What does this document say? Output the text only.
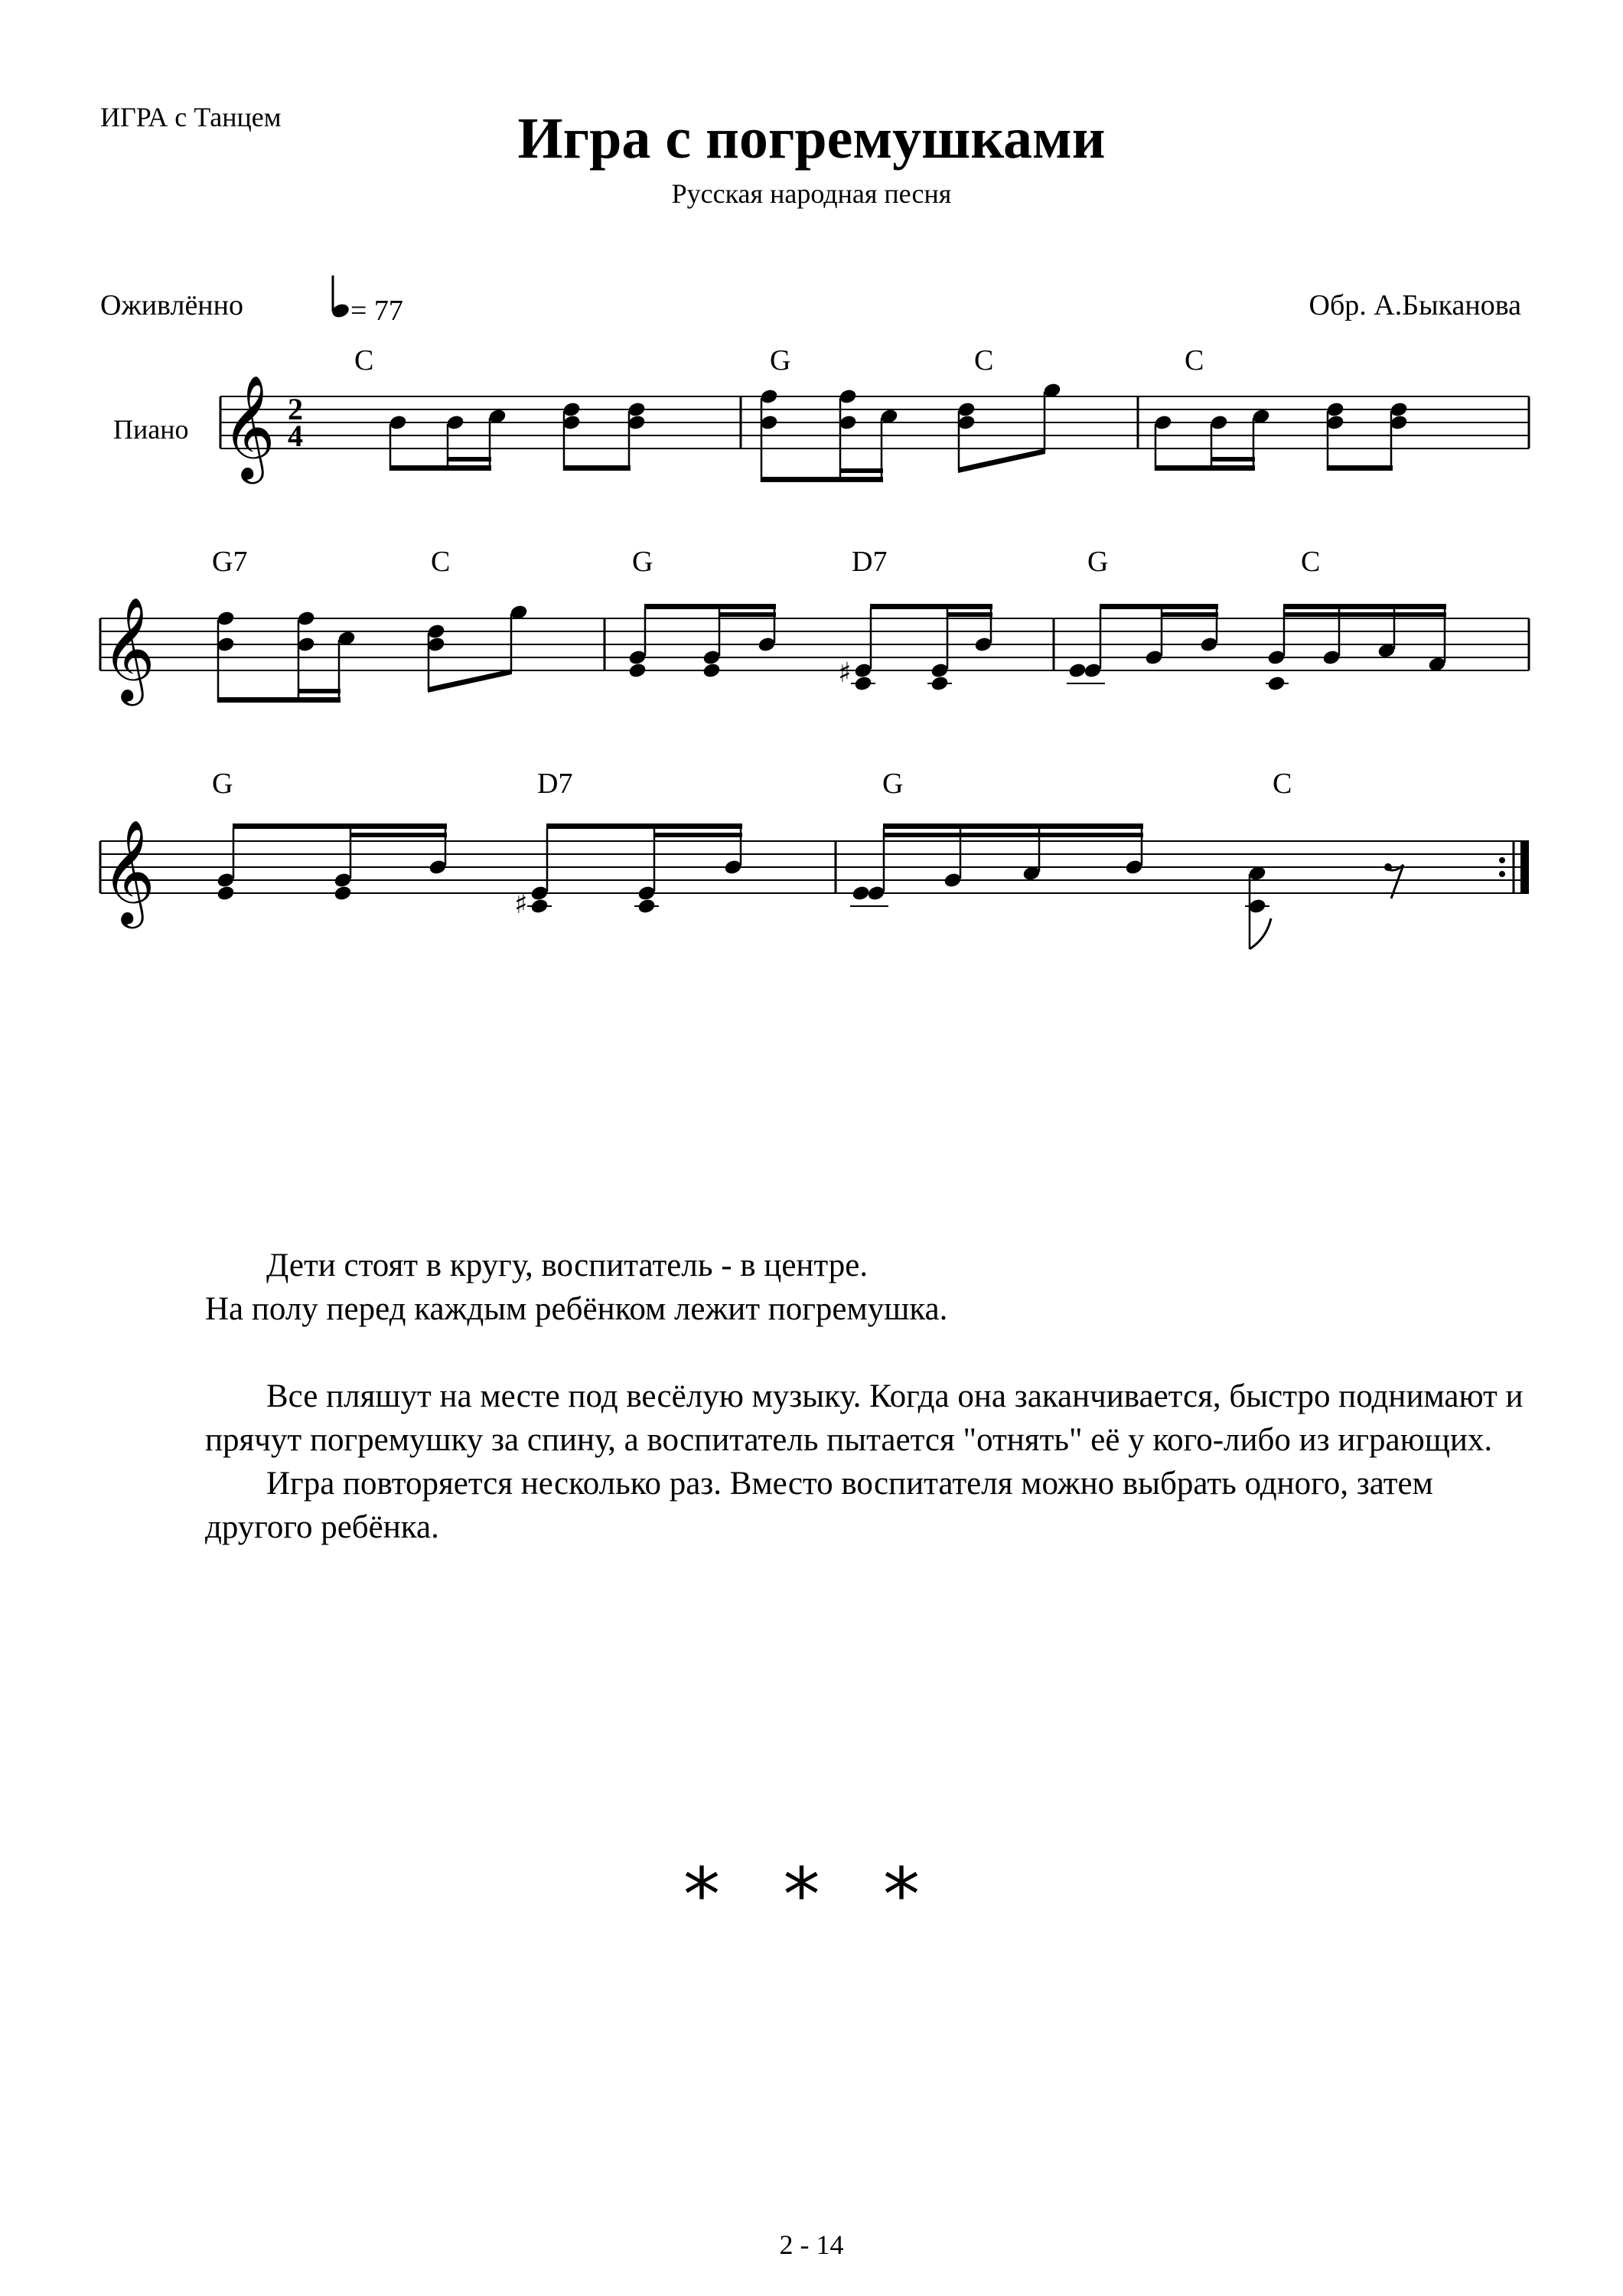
ИГРА с Танцем	Игра с погремушками
Русская народная песня
Оживлённо	Обр. А.Быканова
= 77
Пиано 𝄞 2
4
C	G	C	C
𝄞
G7	C	G	D7	G	C
♯
𝄞
G	D7	G	C
♯

Дети стоят в кругу, воспитатель - в центре.

На полу перед каждым ребёнком лежит погремушка.

Все пляшут на месте под весёлую музыку. Когда она заканчивается, быстро поднимают и прячут погремушку за спину, а воспитатель пытается "отнять" её у кого-либо из играющих.

Игра повторяется несколько раз. Вместо воспитателя можно выбрать одного, затем другого ребёнка.

* * *
2 - 14
